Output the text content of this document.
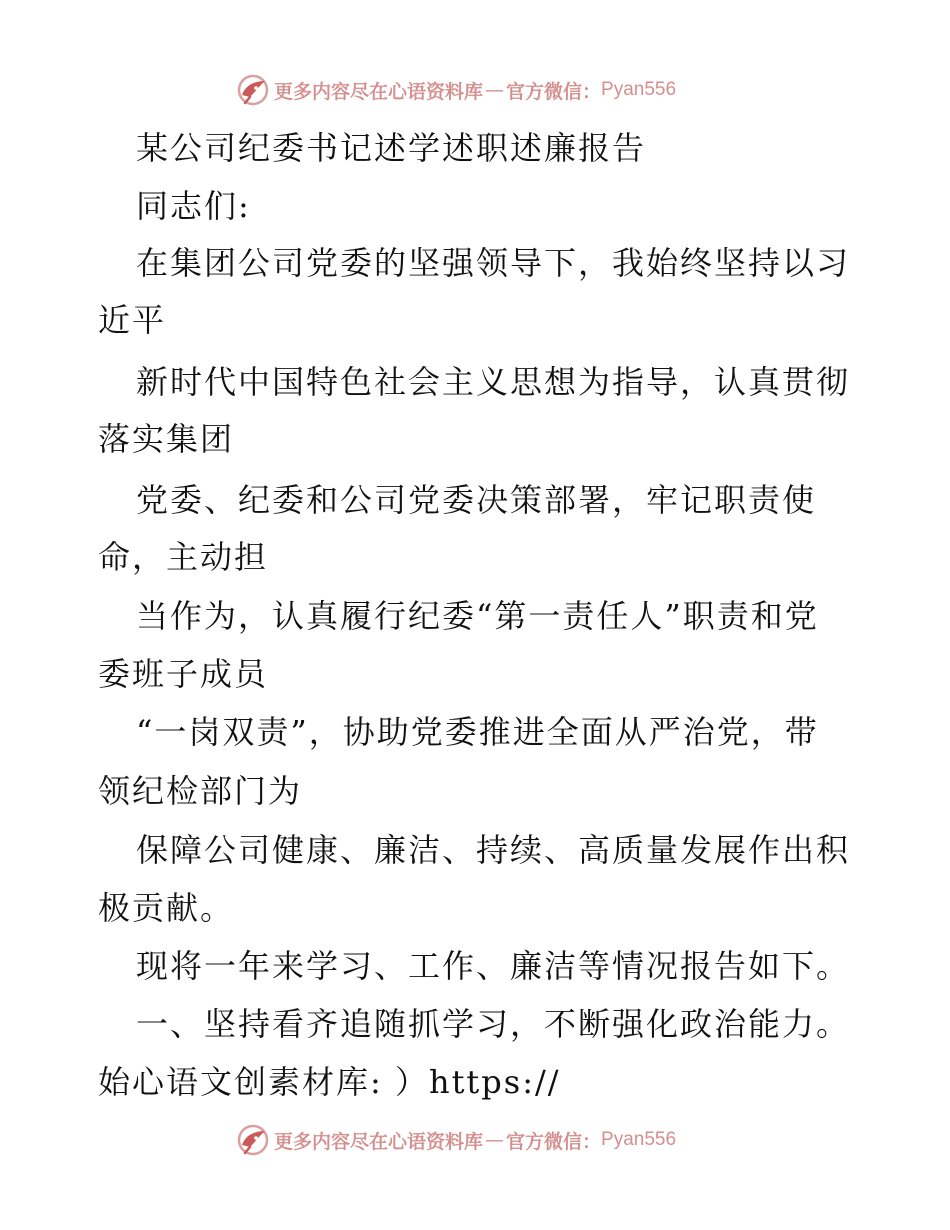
更多内容尽在心语资料库 — 官方微信： Pyan556
某公司纪委书记述学述职述廉报告
同志们:
在集团公司党委的坚强领导下，我始终坚持以习
近平
新时代中国特色社会主义思想为指导，认真贯彻
落实集团
党委、纪委和公司党委决策部署，牢记职责使
命，主动担
当作为，认真履行纪委“第一责任人”职责和党
委班子成员
“一岗双责”，协助党委推进全面从严治党，带
领纪检部门为
保障公司健康、廉洁、持续、高质量发展作出积
极贡献。
现将一年来学习、工作、廉洁等情况报告如下。
一、坚持看齐追随抓学习，不断强化政治能力。
始心语文创素材库: ）https://
更多内容尽在心语资料库 — 官方微信： Pyan556
